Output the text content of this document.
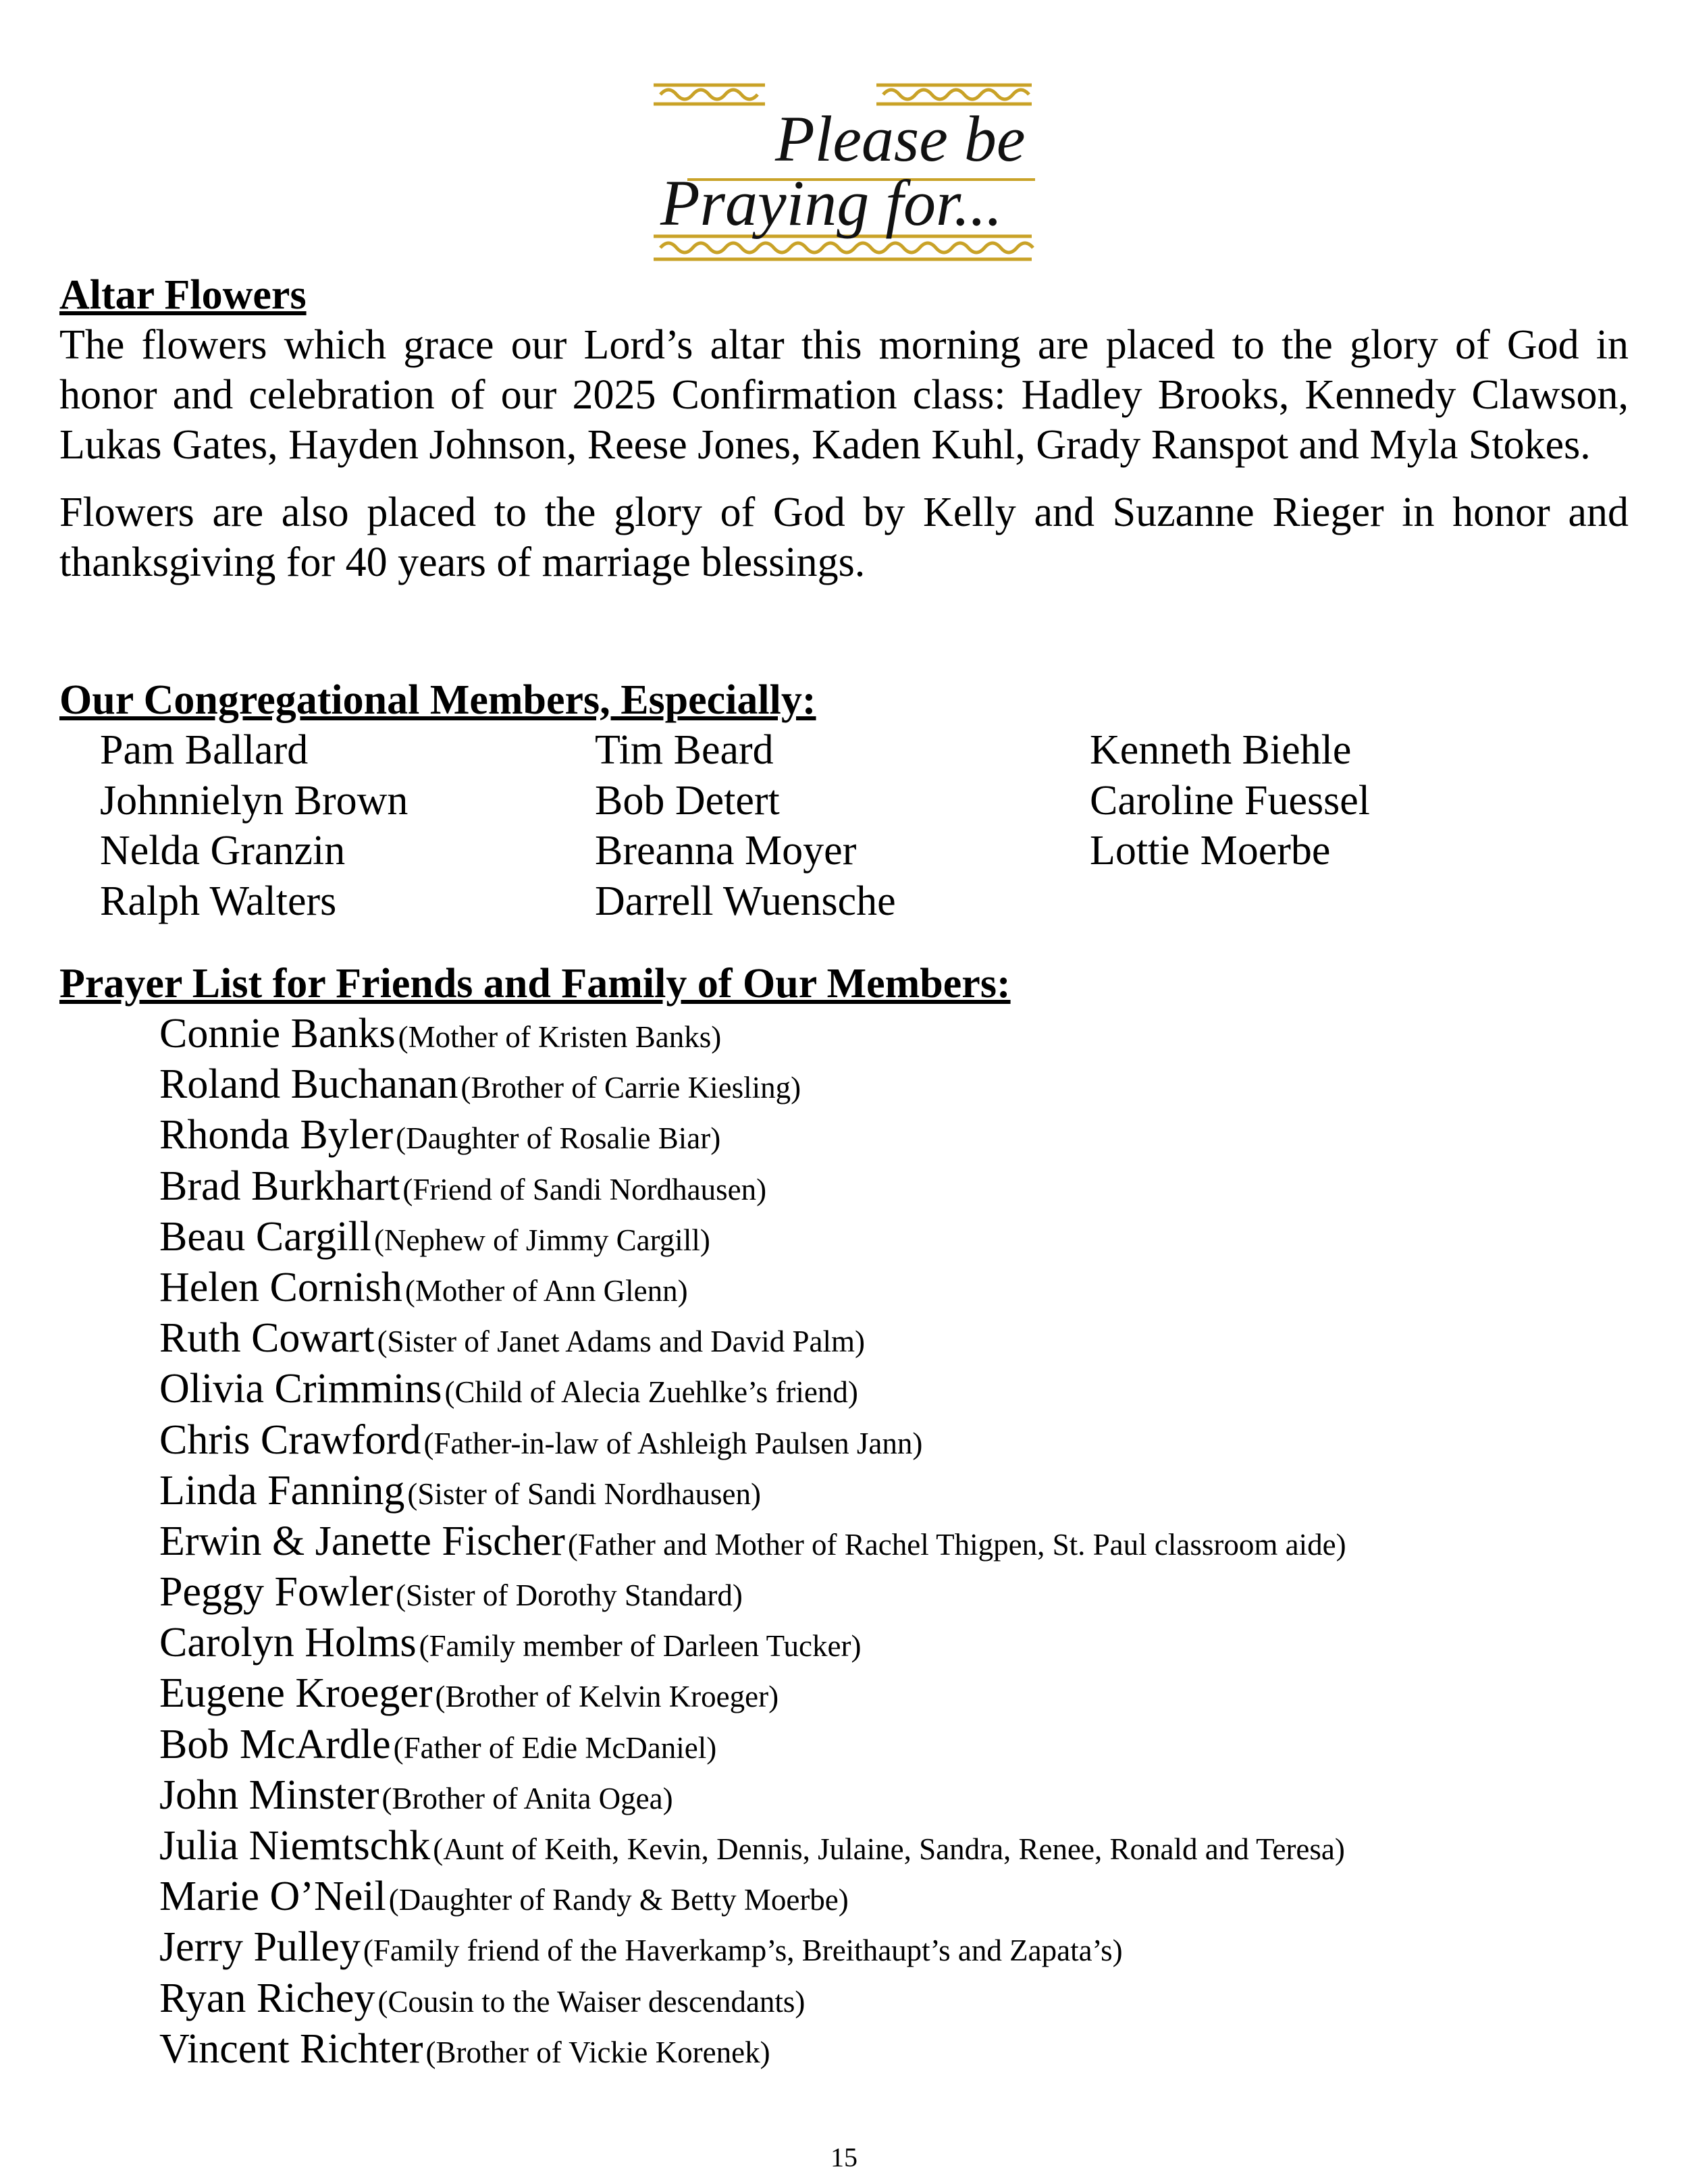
Please be
Praying for...

Altar Flowers

The flowers which grace our Lord’s altar this morning are placed to the glory of God in honor and celebration of our 2025 Confirmation class: Hadley Brooks, Kennedy Clawson, Lukas Gates, Hayden Johnson, Reese Jones, Kaden Kuhl, Grady Ranspot and Myla Stokes.

Flowers are also placed to the glory of God by Kelly and Suzanne Rieger in honor and thanksgiving for 40 years of marriage blessings.

Our Congregational Members, Especially:

Pam Ballard	Tim Beard	Kenneth Biehle
Johnnielyn Brown	Bob Detert	Caroline Fuessel
Nelda Granzin	Breanna Moyer	Lottie Moerbe
Ralph Walters	Darrell Wuensche

Prayer List for Friends and Family of Our Members:

Connie Banks (Mother of Kristen Banks)
Roland Buchanan (Brother of Carrie Kiesling)
Rhonda Byler (Daughter of Rosalie Biar)
Brad Burkhart (Friend of Sandi Nordhausen)
Beau Cargill (Nephew of Jimmy Cargill)
Helen Cornish (Mother of Ann Glenn)
Ruth Cowart (Sister of Janet Adams and David Palm)
Olivia Crimmins (Child of Alecia Zuehlke’s friend)
Chris Crawford (Father-in-law of Ashleigh Paulsen Jann)
Linda Fanning (Sister of Sandi Nordhausen)
Erwin & Janette Fischer (Father and Mother of Rachel Thigpen, St. Paul classroom aide)
Peggy Fowler (Sister of Dorothy Standard)
Carolyn Holms (Family member of Darleen Tucker)
Eugene Kroeger (Brother of Kelvin Kroeger)
Bob McArdle (Father of Edie McDaniel)
John Minster (Brother of Anita Ogea)
Julia Niemtschk (Aunt of Keith, Kevin, Dennis, Julaine, Sandra, Renee, Ronald and Teresa)
Marie O’Neil (Daughter of Randy & Betty Moerbe)
Jerry Pulley (Family friend of the Haverkamp’s, Breithaupt’s and Zapata’s)
Ryan Richey (Cousin to the Waiser descendants)
Vincent Richter (Brother of Vickie Korenek)
15
